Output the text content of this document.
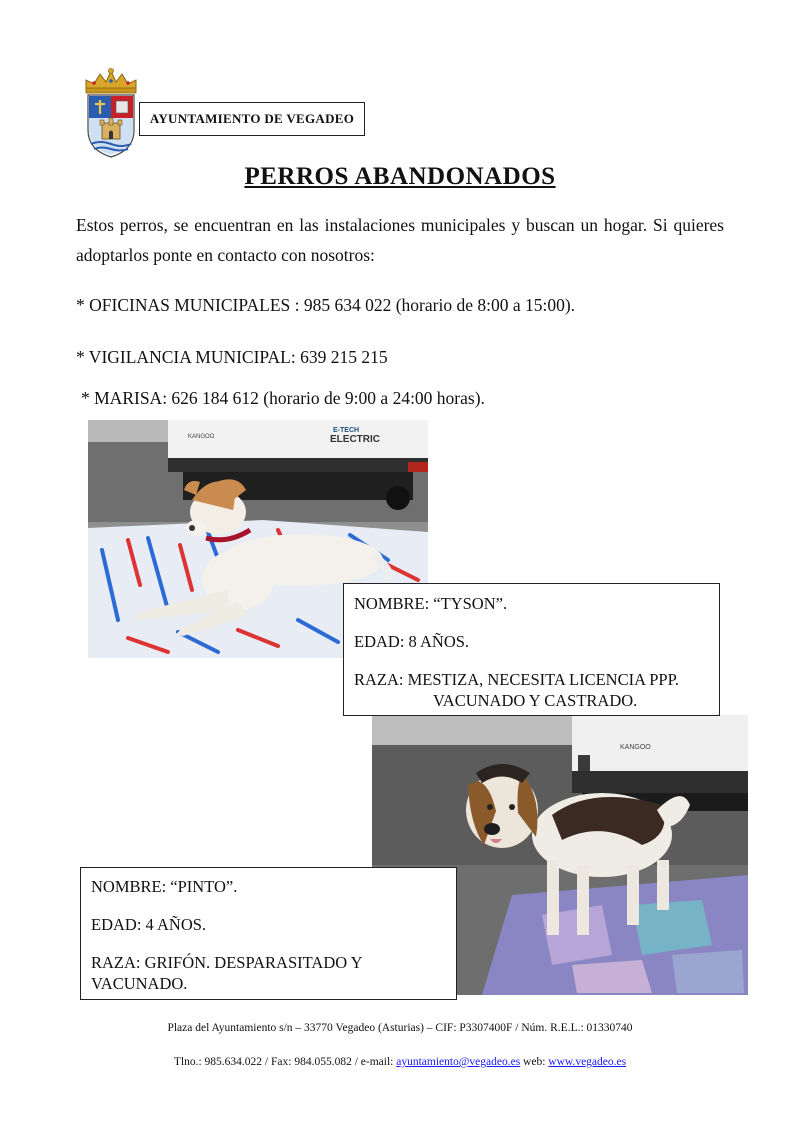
AYUNTAMIENTO DE VEGADEO
PERROS ABANDONADOS
Estos perros, se encuentran en las instalaciones municipales y buscan un hogar. Si quieres adoptarlos ponte en contacto con nosotros:
* OFICINAS MUNICIPALES : 985 634 022 (horario de 8:00 a 15:00).
* VIGILANCIA MUNICIPAL: 639 215 215
* MARISA: 626 184 612 (horario de 9:00 a 24:00 horas).
E-TECH
ELECTRIC
KANGOO
KANGOO

NOMBRE: “TYSON”.

EDAD: 8 AÑOS.

RAZA: MESTIZA, NECESITA LICENCIA PPP.

VACUNADO Y CASTRADO.

NOMBRE: “PINTO”.

EDAD: 4 AÑOS.

RAZA: GRIFÓN. DESPARASITADO Y

VACUNADO.

Plaza del Ayuntamiento s/n – 33770 Vegadeo (Asturias) – CIF: P3307400F / Núm. R.E.L.: 01330740
Tlno.: 985.634.022 / Fax: 984.055.082 / e-mail: ayuntamiento@vegadeo.es web: www.vegadeo.es
